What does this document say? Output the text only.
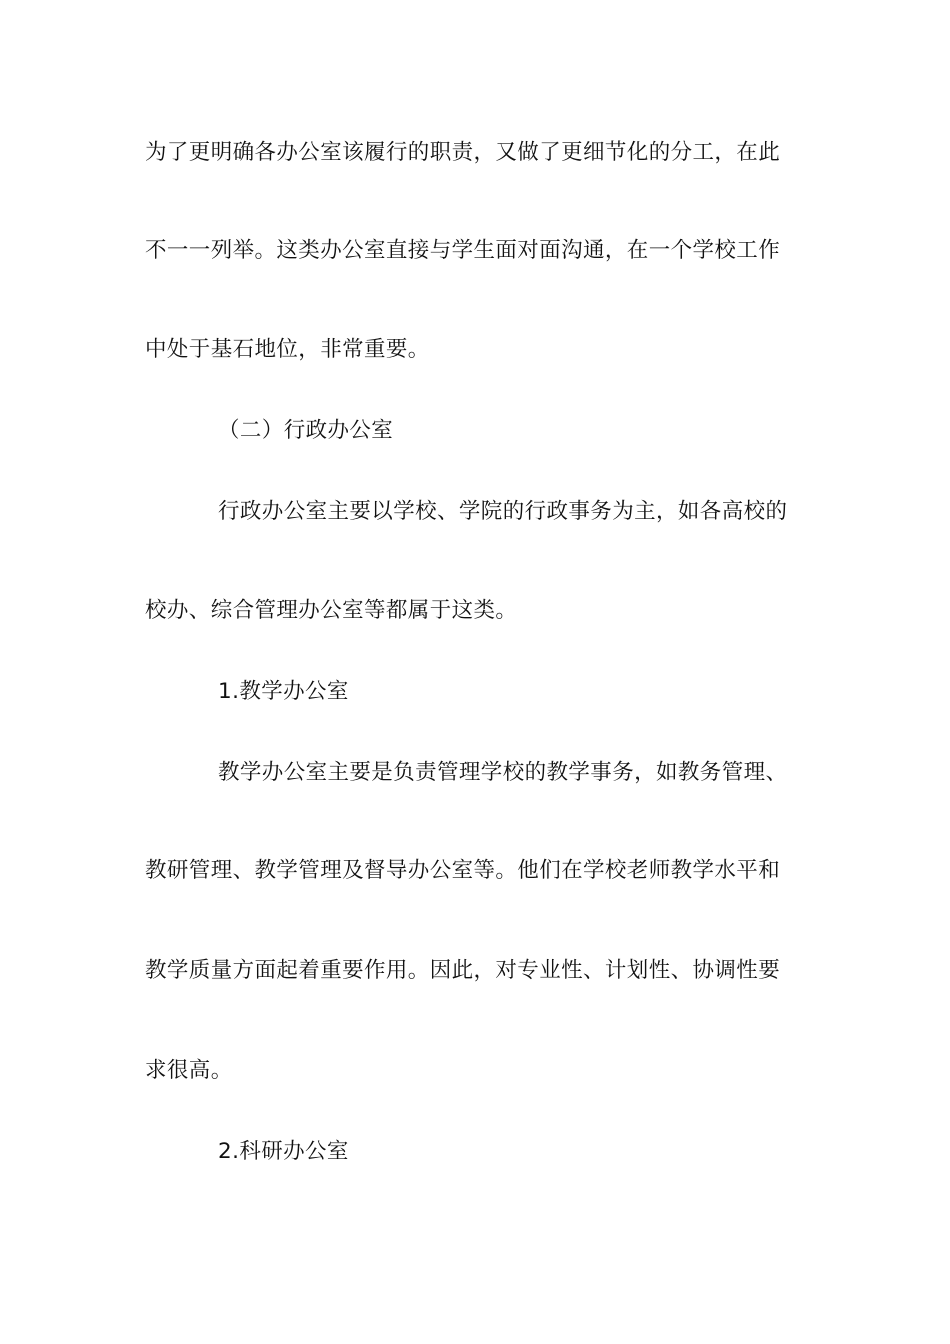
为了更明确各办公室该履行的职责，又做了更细节化的分工，在此
不一一列举。这类办公室直接与学生面对面沟通，在一个学校工作
中处于基石地位，非常重要。
（二）行政办公室
行政办公室主要以学校、学院的行政事务为主，如各高校的
校办、综合管理办公室等都属于这类。
1.教学办公室
教学办公室主要是负责管理学校的教学事务，如教务管理、
教研管理、教学管理及督导办公室等。他们在学校老师教学水平和
教学质量方面起着重要作用。因此，对专业性、计划性、协调性要
求很高。
2.科研办公室
